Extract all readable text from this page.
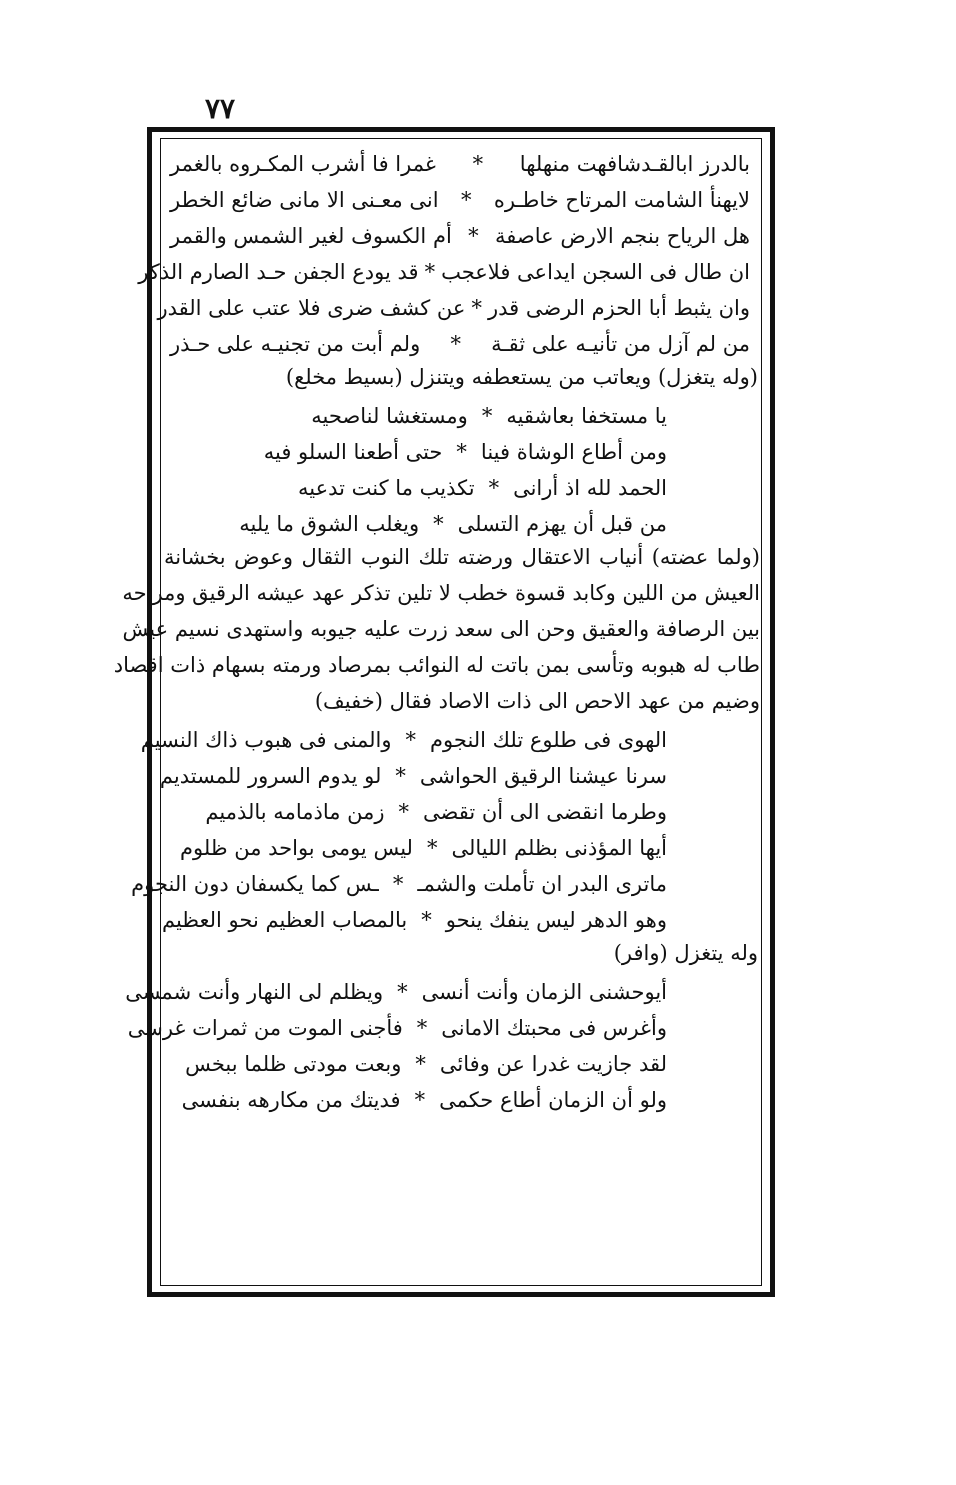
٧٧
بالدرز ابالقـدشافهت منهلها
*
غمرا فا أشرب المكـروه بالغمر
لايهنأ الشامت المرتاح خاطـره
*
انى معـنى الا مانى ضائع الخطر
هل الرياح بنجم الارض عاصفة
*
أم الكسوف لغير الشمس والقمر
ان طال فى السجن ايداعى فلاعجب
*
قد يودع الجفن حـد الصارم الذكر
وان يثبط أبا الحزم الرضى قدر
*
عن كشف ضرى فلا عتب على القدر
من لم آزل من تأنيـه على ثقـة
*
ولم أبت من تجنيـه على حـذر
(وله يتغزل) ويعاتب من يستعطفه ويتنزل (بسيط مخلع)
يا مستخفا بعاشقيه
*
ومستغشا لناصحيه
ومن أطاع الوشاة فينا
*
حتى أطعنا السلو فيه
الحمد لله اذ أرانى
*
تكذيب ما كنت تدعيه
من قبل أن يهزم التسلى
*
ويغلب الشوق ما يليه
(ولما عضته) أنياب الاعتقال ورضته تلك النوب الثقال وعوض بخشانة
العيش من اللين وكابد قسوة خطب لا تلين تذكر عهد عيشه الرقيق ومراحه
بين الرصافة والعقيق وحن الى سعد زرت عليه جيوبه واستهدى نسيم عيش
طاب له هبوبه وتأسى بمن باتت له النوائب بمرصاد ورمته بسهام ذات اقصاد
وضيم من عهد الاحص الى ذات الاصاد فقال (خفيف)
الهوى فى طلوع تلك النجوم
*
والمنى فى هبوب ذاك النسيم
سرنا عيشنا الرقيق الحواشى
*
لو يدوم السرور للمستديم
وطرما انقضى الى أن تقضى
*
زمن ماذمامه بالذميم
أيها المؤذنى بظلم الليالى
*
ليس يومى بواحد من ظلوم
ماترى البدر ان تأملت والشمـ
*
ـس كما يكسفان دون النجوم
وهو الدهر ليس ينفك ينحو
*
بالمصاب العظيم نحو العظيم
وله يتغزل (وافر)
أيوحشنى الزمان وأنت أنسى
*
ويظلم لى النهار وأنت شمسى
وأغرس فى محبتك الامانى
*
فأجنى الموت من ثمرات غرسى
لقد جازيت غدرا عن وفائى
*
وبعت مودتى ظلما ببخس
ولو أن الزمان أطاع حكمى
*
فديتك من مكارهه بنفسى
